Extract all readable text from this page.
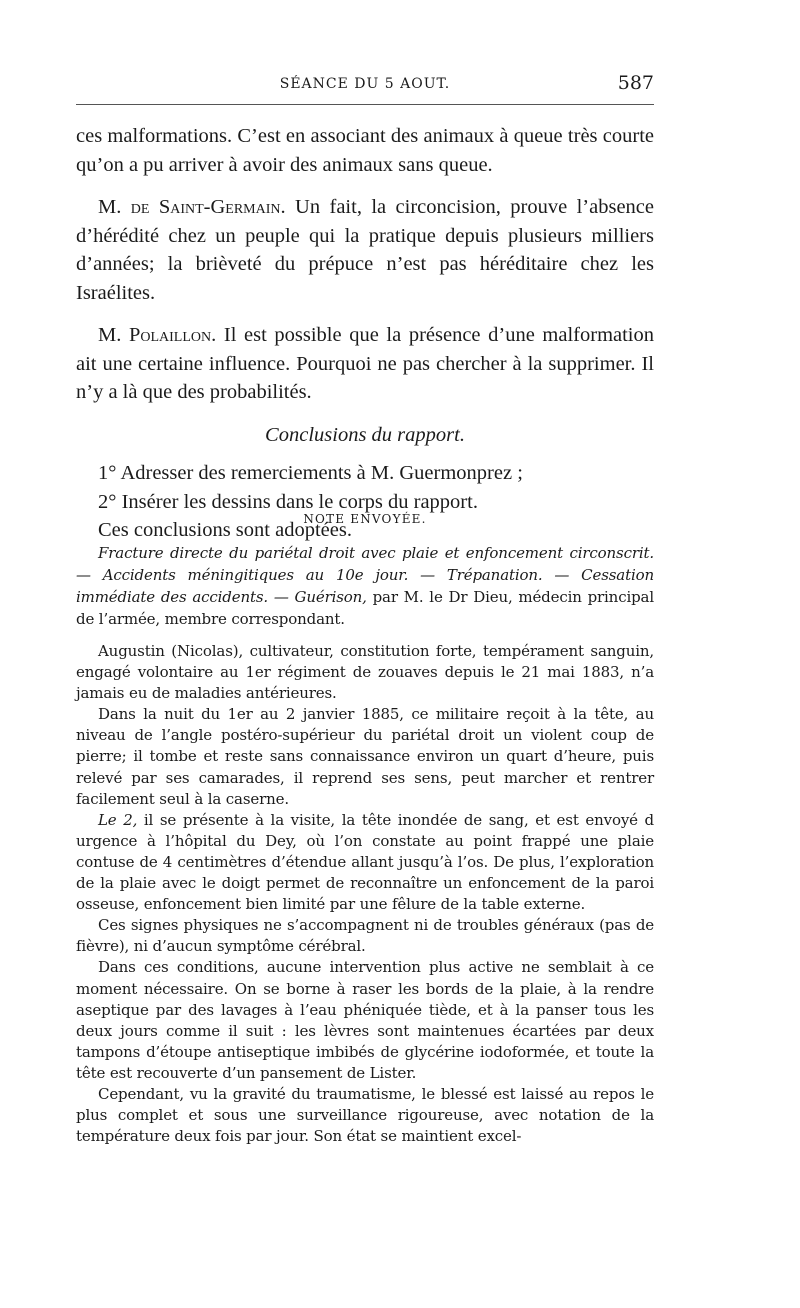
SÉANCE DU 5 AOUT.	587

ces malformations. C’est en associant des animaux à queue très courte qu’on a pu arriver à avoir des animaux sans queue.

M. de Saint-Germain. Un fait, la circoncision, prouve l’absence d’hérédité chez un peuple qui la pratique depuis plusieurs milliers d’années; la brièveté du prépuce n’est pas héréditaire chez les Israélites.

M. Polaillon. Il est possible que la présence d’une malformation ait une certaine influence. Pourquoi ne pas chercher à la supprimer. Il n’y a là que des probabilités.

Conclusions du rapport.

1° Adresser des remerciements à M. Guermonprez ;

2° Insérer les dessins dans le corps du rapport.

Ces conclusions sont adoptées.

NOTE ENVOYÉE.

Fracture directe du pariétal droit avec plaie et enfoncement circonscrit. — Accidents méningitiques au 10e jour. — Trépanation. — Cessation immédiate des accidents. — Guérison, par M. le Dr Dieu, médecin principal de l’armée, membre correspondant.

Augustin (Nicolas), cultivateur, constitution forte, tempérament sanguin, engagé volontaire au 1er régiment de zouaves depuis le 21 mai 1883, n’a jamais eu de maladies antérieures.

Dans la nuit du 1er au 2 janvier 1885, ce militaire reçoit à la tête, au niveau de l’angle postéro-supérieur du pariétal droit un violent coup de pierre; il tombe et reste sans connaissance environ un quart d’heure, puis relevé par ses camarades, il reprend ses sens, peut marcher et rentrer facilement seul à la caserne.

Le 2, il se présente à la visite, la tête inondée de sang, et est envoyé d urgence à l’hôpital du Dey, où l’on constate au point frappé une plaie contuse de 4 centimètres d’étendue allant jusqu’à l’os. De plus, l’exploration de la plaie avec le doigt permet de reconnaître un enfoncement de la paroi osseuse, enfoncement bien limité par une fêlure de la table externe.

Ces signes physiques ne s’accompagnent ni de troubles généraux (pas de fièvre), ni d’aucun symptôme cérébral.

Dans ces conditions, aucune intervention plus active ne semblait à ce moment nécessaire. On se borne à raser les bords de la plaie, à la rendre aseptique par des lavages à l’eau phéniquée tiède, et à la panser tous les deux jours comme il suit : les lèvres sont maintenues écartées par deux tampons d’étoupe antiseptique imbibés de glycérine iodoformée, et toute la tête est recouverte d’un pansement de Lister.

Cependant, vu la gravité du traumatisme, le blessé est laissé au repos le plus complet et sous une surveillance rigoureuse, avec notation de la température deux fois par jour. Son état se maintient excel-
